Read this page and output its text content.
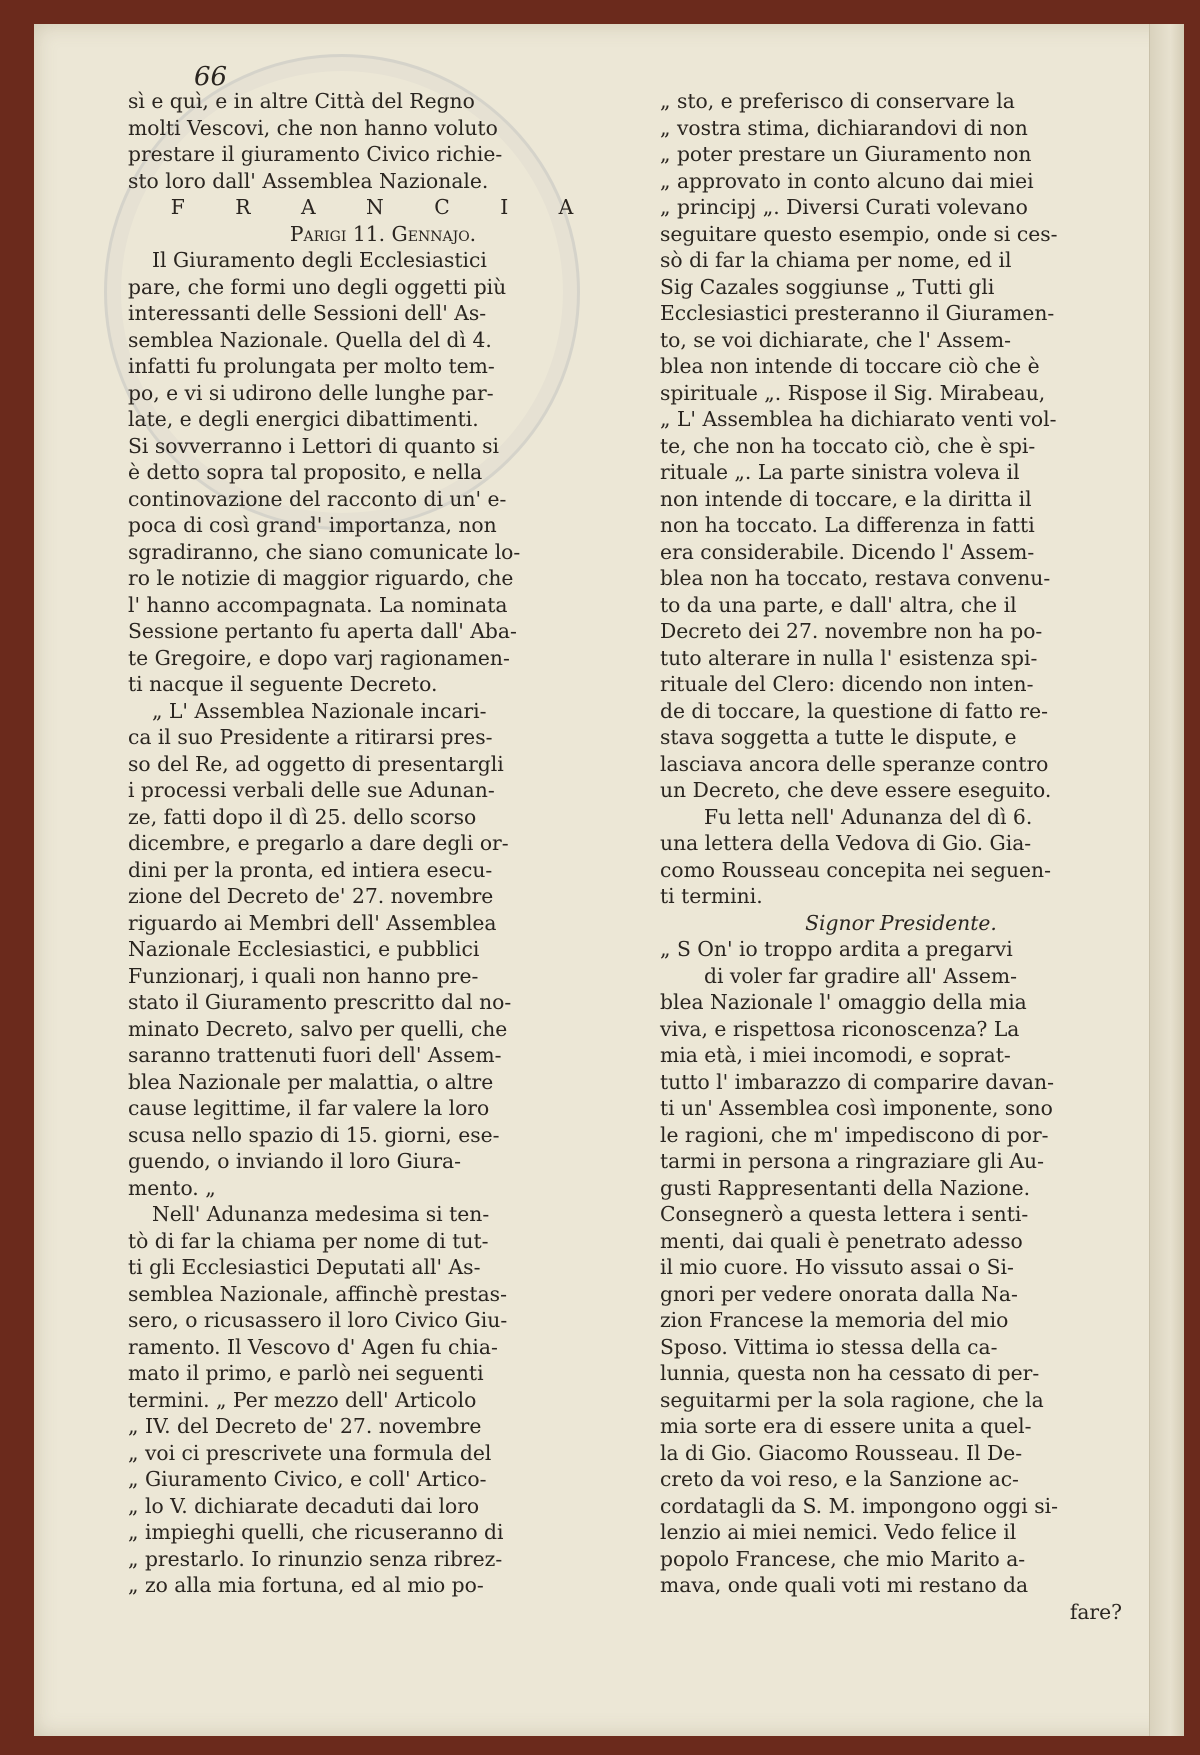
66
sì e quì, e in altre Città del Regno
molti Vescovi, che non hanno voluto
prestare il giuramento Civico richie-
sto loro dall' Assemblea Nazionale.
F R A N C I A
Parigi 11. Gennajo.
Il Giuramento degli Ecclesiastici
pare, che formi uno degli oggetti più
interessanti delle Sessioni dell' As-
semblea Nazionale. Quella del dì 4.
infatti fu prolungata per molto tem-
po, e vi si udirono delle lunghe par-
late, e degli energici dibattimenti.
Si sovverranno i Lettori di quanto si
è detto sopra tal proposito, e nella
continovazione del racconto di un' e-
poca di così grand' importanza, non
sgradiranno, che siano comunicate lo-
ro le notizie di maggior riguardo, che
l' hanno accompagnata. La nominata
Sessione pertanto fu aperta dall' Aba-
te Gregoire, e dopo varj ragionamen-
ti nacque il seguente Decreto.
„ L' Assemblea Nazionale incari-
ca il suo Presidente a ritirarsi pres-
so del Re, ad oggetto di presentargli
i processi verbali delle sue Adunan-
ze, fatti dopo il dì 25. dello scorso
dicembre, e pregarlo a dare degli or-
dini per la pronta, ed intiera esecu-
zione del Decreto de' 27. novembre
riguardo ai Membri dell' Assemblea
Nazionale Ecclesiastici, e pubblici
Funzionarj, i quali non hanno pre-
stato il Giuramento prescritto dal no-
minato Decreto, salvo per quelli, che
saranno trattenuti fuori dell' Assem-
blea Nazionale per malattia, o altre
cause legittime, il far valere la loro
scusa nello spazio di 15. giorni, ese-
guendo, o inviando il loro Giura-
mento. „
Nell' Adunanza medesima si ten-
tò di far la chiama per nome di tut-
ti gli Ecclesiastici Deputati all' As-
semblea Nazionale, affinchè prestas-
sero, o ricusassero il loro Civico Giu-
ramento. Il Vescovo d' Agen fu chia-
mato il primo, e parlò nei seguenti
termini. „ Per mezzo dell' Articolo
„ IV. del Decreto de' 27. novembre
„ voi ci prescrivete una formula del
„ Giuramento Civico, e coll' Artico-
„ lo V. dichiarate decaduti dai loro
„ impieghi quelli, che ricuseranno di
„ prestarlo. Io rinunzio senza ribrez-
„ zo alla mia fortuna, ed al mio po-
„ sto, e preferisco di conservare la
„ vostra stima, dichiarandovi di non
„ poter prestare un Giuramento non
„ approvato in conto alcuno dai miei
„ principj „. Diversi Curati volevano
seguitare questo esempio, onde si ces-
sò di far la chiama per nome, ed il
Sig Cazales soggiunse „ Tutti gli
Ecclesiastici presteranno il Giuramen-
to, se voi dichiarate, che l' Assem-
blea non intende di toccare ciò che è
spirituale „. Rispose il Sig. Mirabeau,
„ L' Assemblea ha dichiarato venti vol-
te, che non ha toccato ciò, che è spi-
rituale „. La parte sinistra voleva il
non intende di toccare, e la diritta il
non ha toccato. La differenza in fatti
era considerabile. Dicendo l' Assem-
blea non ha toccato, restava convenu-
to da una parte, e dall' altra, che il
Decreto dei 27. novembre non ha po-
tuto alterare in nulla l' esistenza spi-
rituale del Clero: dicendo non inten-
de di toccare, la questione di fatto re-
stava soggetta a tutte le dispute, e
lasciava ancora delle speranze contro
un Decreto, che deve essere eseguito.
Fu letta nell' Adunanza del dì 6.
una lettera della Vedova di Gio. Gia-
como Rousseau concepita nei seguen-
ti termini.
Signor Presidente.
„ S On' io troppo ardita a pregarvi
di voler far gradire all' Assem-
blea Nazionale l' omaggio della mia
viva, e rispettosa riconoscenza? La
mia età, i miei incomodi, e soprat-
tutto l' imbarazzo di comparire davan-
ti un' Assemblea così imponente, sono
le ragioni, che m' impediscono di por-
tarmi in persona a ringraziare gli Au-
gusti Rappresentanti della Nazione.
Consegnerò a questa lettera i senti-
menti, dai quali è penetrato adesso
il mio cuore. Ho vissuto assai o Si-
gnori per vedere onorata dalla Na-
zion Francese la memoria del mio
Sposo. Vittima io stessa della ca-
lunnia, questa non ha cessato di per-
seguitarmi per la sola ragione, che la
mia sorte era di essere unita a quel-
la di Gio. Giacomo Rousseau. Il De-
creto da voi reso, e la Sanzione ac-
cordatagli da S. M. impongono oggi si-
lenzio ai miei nemici. Vedo felice il
popolo Francese, che mio Marito a-
mava, onde quali voti mi restano da
fare?
